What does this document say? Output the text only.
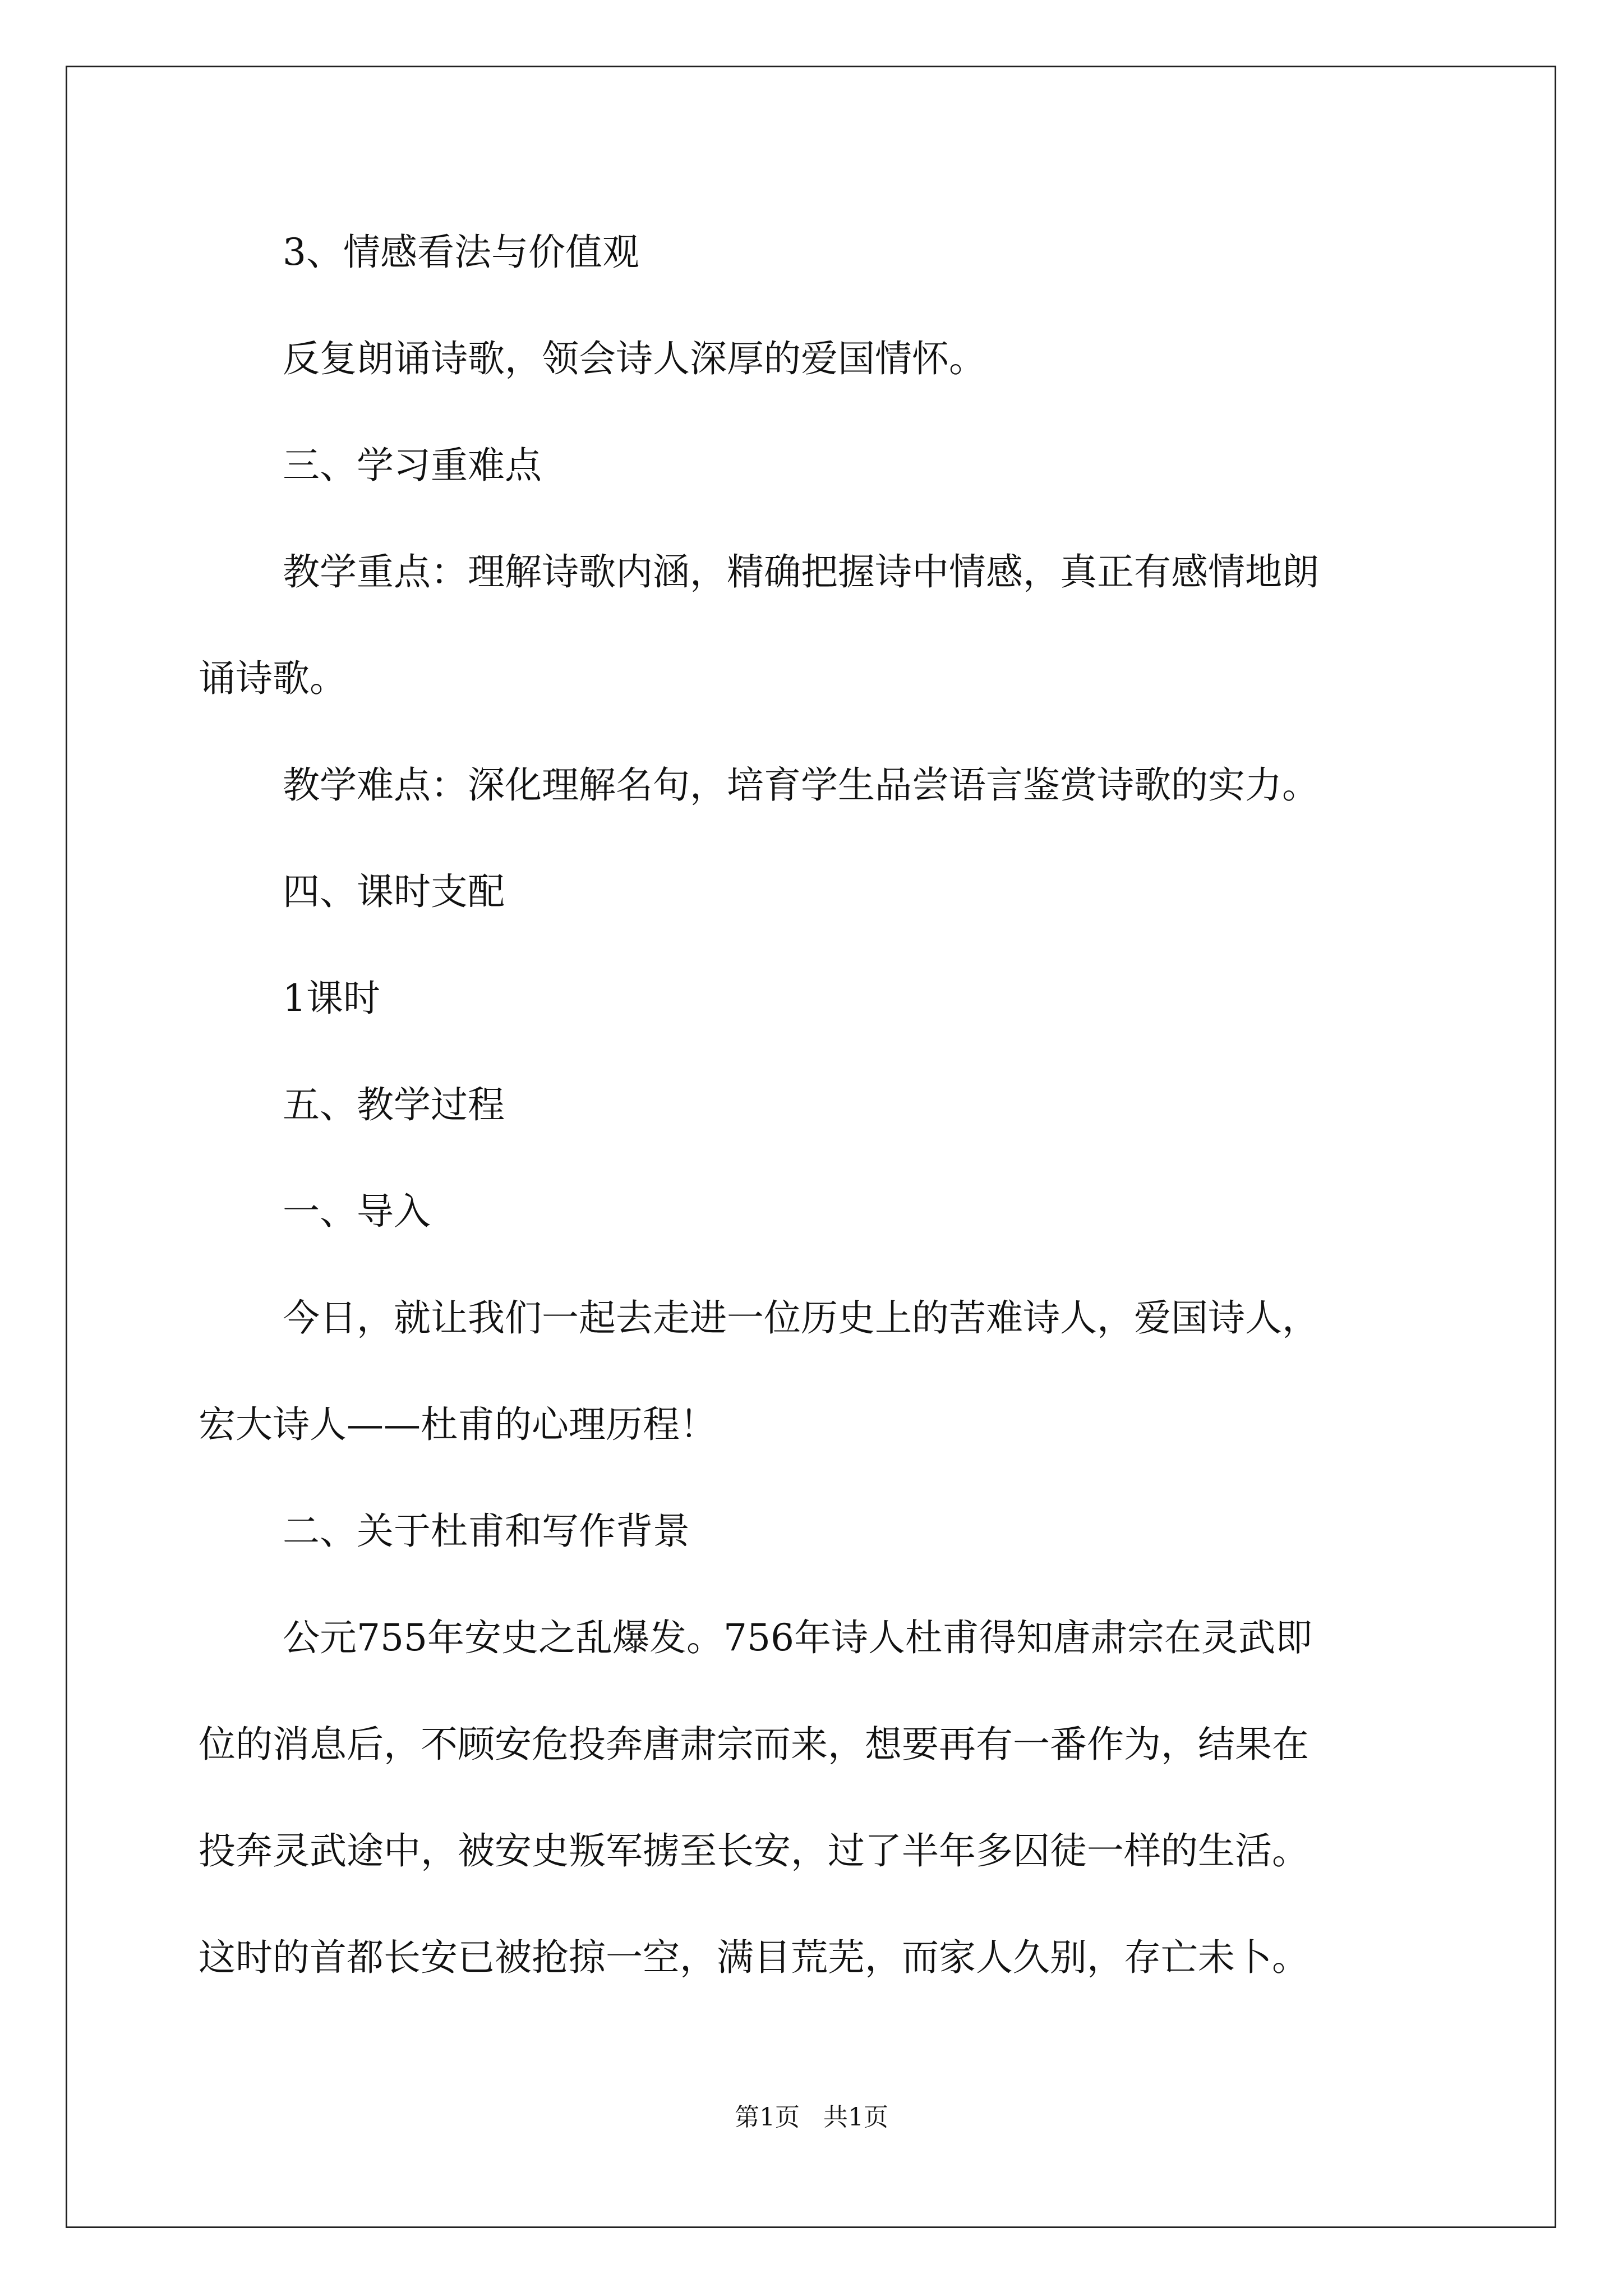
3、情感看法与价值观
反复朗诵诗歌，领会诗人深厚的爱国情怀。
三、学习重难点
教学重点：理解诗歌内涵，精确把握诗中情感，真正有感情地朗
诵诗歌。
教学难点：深化理解名句，培育学生品尝语言鉴赏诗歌的实力。
四、课时支配
1课时
五、教学过程
一、导入
今日，就让我们一起去走进一位历史上的苦难诗人，爱国诗人，
宏大诗人——杜甫的心理历程！
二、关于杜甫和写作背景
公元755年安史之乱爆发。756年诗人杜甫得知唐肃宗在灵武即
位的消息后，不顾安危投奔唐肃宗而来，想要再有一番作为，结果在
投奔灵武途中，被安史叛军掳至长安，过了半年多囚徒一样的生活。
这时的首都长安已被抢掠一空，满目荒芜，而家人久别，存亡未卜。
第1页   共1页
